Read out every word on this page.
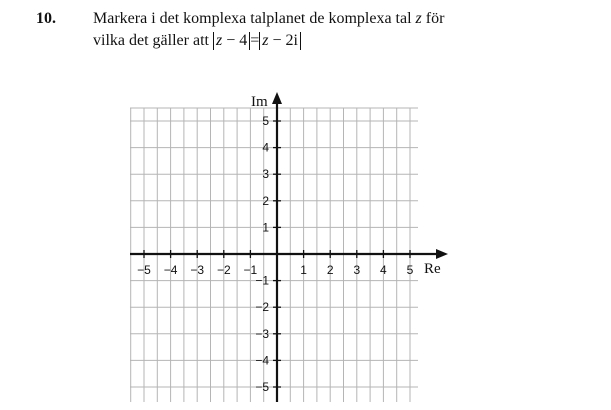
10. Markera i det komplexa talplanet de komplexa tal z för
vilka det gäller att z − 4 = z − 2i
Re
Im
−5 −4 −3 −2 −1	1 2 3 4 5
5
4
3
2
1
−1
−2
−3
−4
−5
